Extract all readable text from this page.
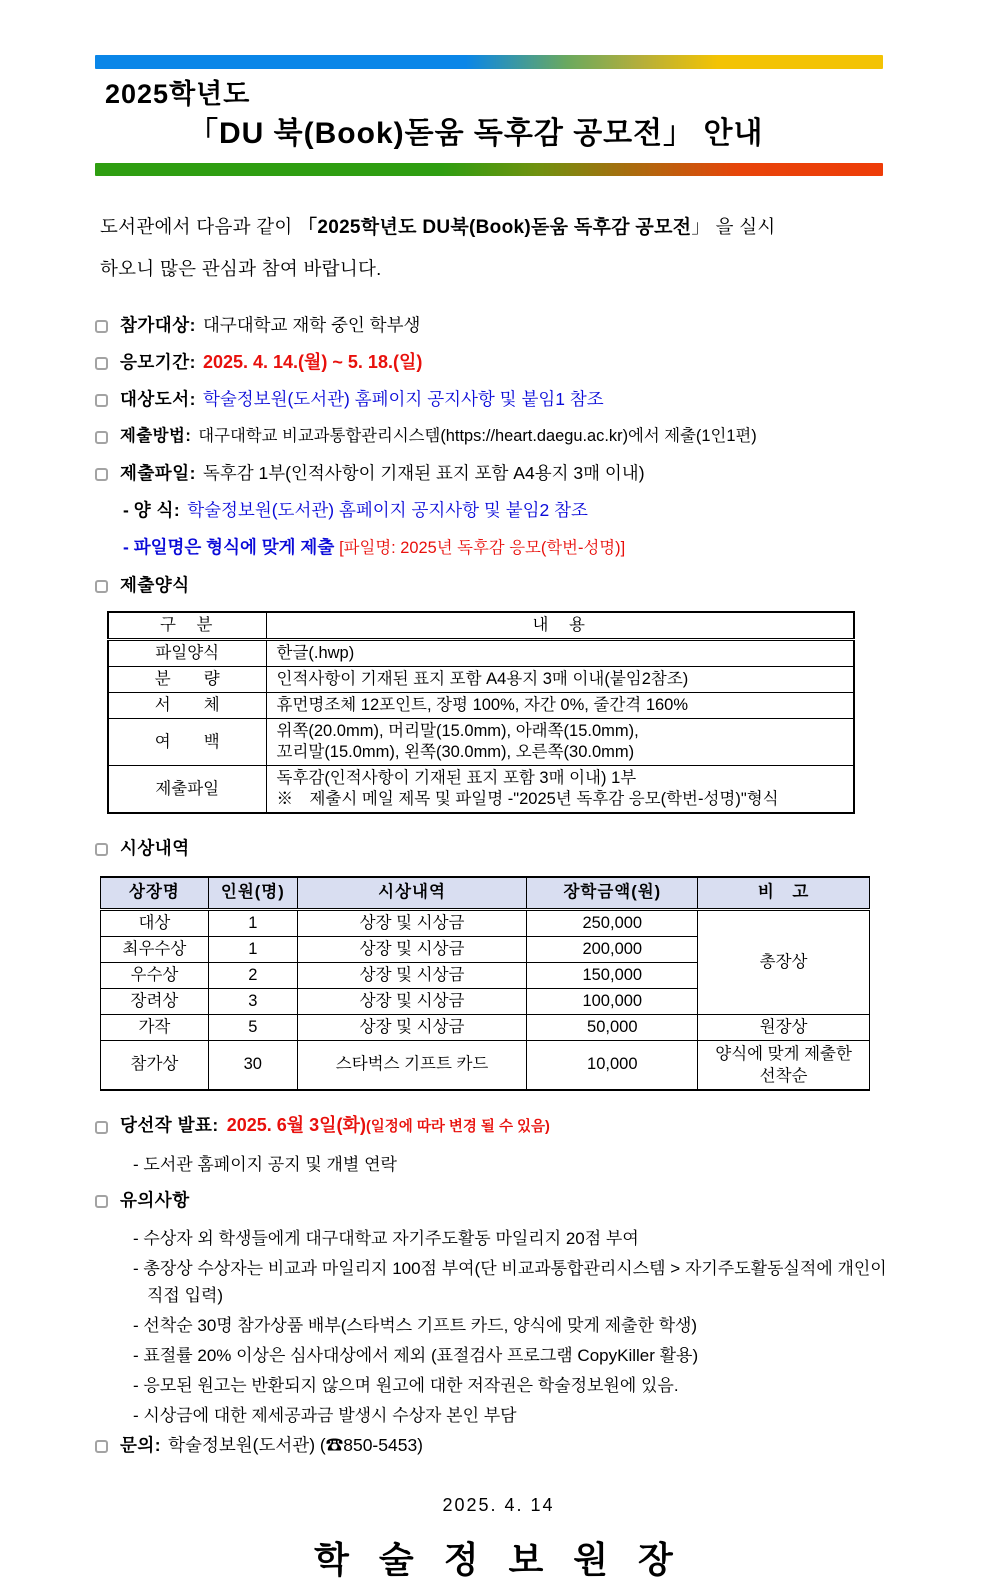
2025학년도
「DU 북(Book)돋움 독후감 공모전」 안내

도서관에서 다음과 같이 「2025학년도 DU북(Book)돋움 독후감 공모전」 을 실시
하오니 많은 관심과 참여 바랍니다.

참가대상: 대구대학교 재학 중인 학부생
응모기간: 2025. 4. 14.(월) ~ 5. 18.(일)
대상도서: 학술정보원(도서관) 홈페이지 공지사항 및 붙임1 참조
제출방법: 대구대학교 비교과통합관리시스템(https://heart.daegu.ac.kr)에서 제출(1인1편)
제출파일: 독후감 1부(인적사항이 기재된 표지 포함 A4용지 3매 이내)
- 양 식: 학술정보원(도서관) 홈페이지 공지사항 및 붙임2 참조
- 파일명은 형식에 맞게 제출 [파일명: 2025년 독후감 응모(학번-성명)]
제출양식
구　분	내　용
파일양식	한글(.hwp)
분　　량	인적사항이 기재된 표지 포함 A4용지 3매 이내(붙임2참조)
서　　체	휴먼명조체 12포인트, 장평 100%, 자간 0%, 줄간격 160%
여　　백	위쪽(20.0mm), 머리말(15.0mm), 아래쪽(15.0mm),
꼬리말(15.0mm), 왼쪽(30.0mm), 오른쪽(30.0mm)

제출파일	독후감(인적사항이 기재된 표지 포함 3매 이내) 1부
※　제출시 메일 제목 및 파일명 -"2025년 독후감 응모(학번-성명)"형식
시상내역
상장명	인원(명)	시상내역	장학금액(원)	비　고
대상	1	상장 및 시상금	250,000	총장상
최우수상	1	상장 및 시상금	200,000	
우수상	2	상장 및 시상금	150,000	
장려상	3	상장 및 시상금	100,000	
가작	5	상장 및 시상금	50,000	원장상
참가상	30	스타벅스 기프트 카드	10,000	양식에 맞게 제출한
선착순
당선작 발표: 2025. 6월 3일(화)(일정에 따라 변경 될 수 있음)
- 도서관 홈페이지 공지 및 개별 연락
유의사항
- 수상자 외 학생들에게 대구대학교 자기주도활동 마일리지 20점 부여
- 총장상 수상자는 비교과 마일리지 100점 부여(단 비교과통합관리시스템 > 자기주도활동실적에 개인이 직접 입력)
- 선착순 30명 참가상품 배부(스타벅스 기프트 카드, 양식에 맞게 제출한 학생)
- 표절률 20% 이상은 심사대상에서 제외 (표절검사 프로그램 CopyKiller 활용)
- 응모된 원고는 반환되지 않으며 원고에 대한 저작권은 학술정보원에 있음.
- 시상금에 대한 제세공과금 발생시 수상자 본인 부담
문의: 학술정보원(도서관) (☎850-5453)
2025. 4. 14
학 술 정 보 원 장
